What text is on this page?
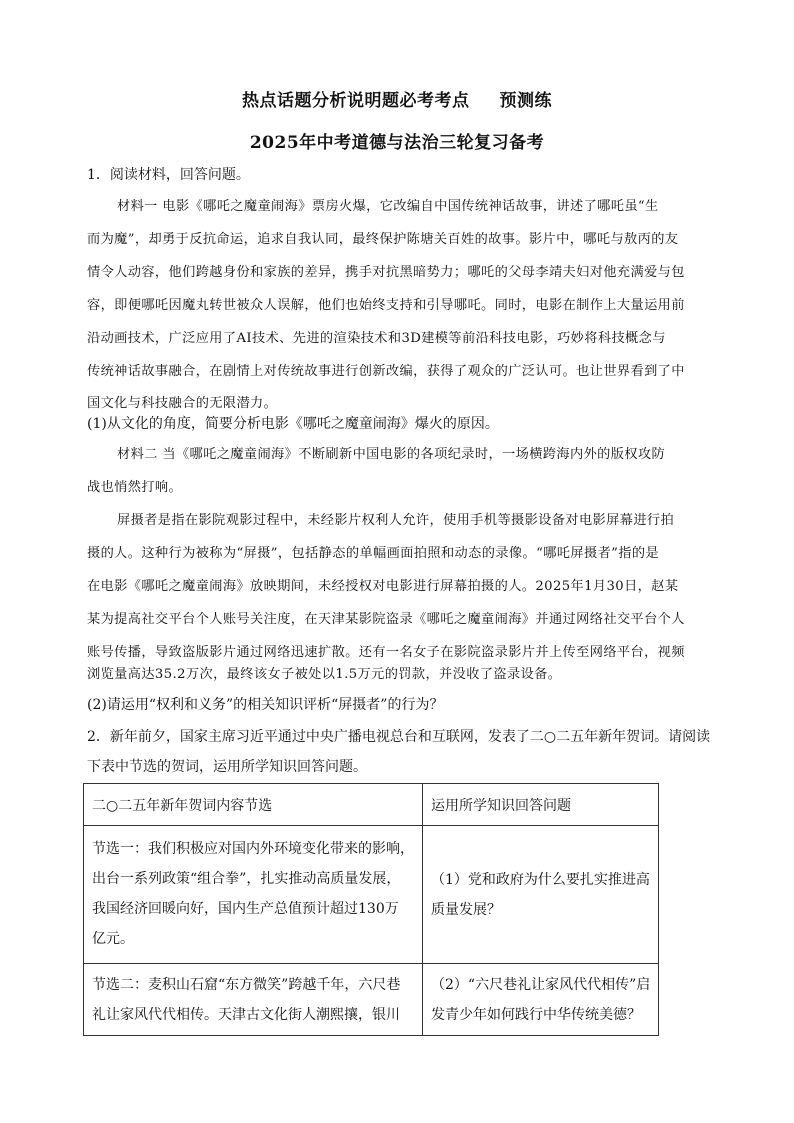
热点话题分析说明题必考考点 预测练
2025年中考道德与法治三轮复习备考
1．阅读材料，回答问题。
材料一 电影《哪吒之魔童闹海》票房火爆，它改编自中国传统神话故事，讲述了哪吒虽“生
而为魔”，却勇于反抗命运，追求自我认同，最终保护陈塘关百姓的故事。影片中，哪吒与敖丙的友
情令人动容，他们跨越身份和家族的差异，携手对抗黑暗势力；哪吒的父母李靖夫妇对他充满爱与包
容，即便哪吒因魔丸转世被众人误解，他们也始终支持和引导哪吒。同时，电影在制作上大量运用前
沿动画技术，广泛应用了AI技术、先进的渲染技术和3D建模等前沿科技电影，巧妙将科技概念与
传统神话故事融合，在剧情上对传统故事进行创新改编，获得了观众的广泛认可。也让世界看到了中
国文化与科技融合的无限潜力。
(1)从文化的角度，简要分析电影《哪吒之魔童闹海》爆火的原因。
材料二 当《哪吒之魔童闹海》不断刷新中国电影的各项纪录时，一场横跨海内外的版权攻防
战也悄然打响。
屏摄者是指在影院观影过程中，未经影片权利人允许，使用手机等摄影设备对电影屏幕进行拍
摄的人。这种行为被称为“屏摄”，包括静态的单幅画面拍照和动态的录像。“哪吒屏摄者”指的是
在电影《哪吒之魔童闹海》放映期间，未经授权对电影进行屏幕拍摄的人。2025年1月30日，赵某
某为提高社交平台个人账号关注度，在天津某影院盗录《哪吒之魔童闹海》并通过网络社交平台个人
账号传播，导致盗版影片通过网络迅速扩散。还有一名女子在影院盗录影片并上传至网络平台，视频
浏览量高达35.2万次，最终该女子被处以1.5万元的罚款，并没收了盗录设备。
(2)请运用“权利和义务”的相关知识评析“屏摄者”的行为？
2．新年前夕，国家主席习近平通过中央广播电视总台和互联网，发表了二○二五年新年贺词。请阅读
下表中节选的贺词，运用所学知识回答问题。
二○二五年新年贺词内容节选	运用所学知识回答问题

节选一：我们积极应对国内外环境变化带来的影响，
出台一系列政策“组合拳”，扎实推动高质量发展，
我国经济回暖向好，国内生产总值预计超过130万
亿元。	（1）党和政府为什么要扎实推进高
质量发展？

节选二：麦积山石窟“东方微笑”跨越千年，六尺巷
礼让家风代代相传。天津古文化街人潮熙攘，银川	（2）“六尺巷礼让家风代代相传”启
发青少年如何践行中华传统美德？
